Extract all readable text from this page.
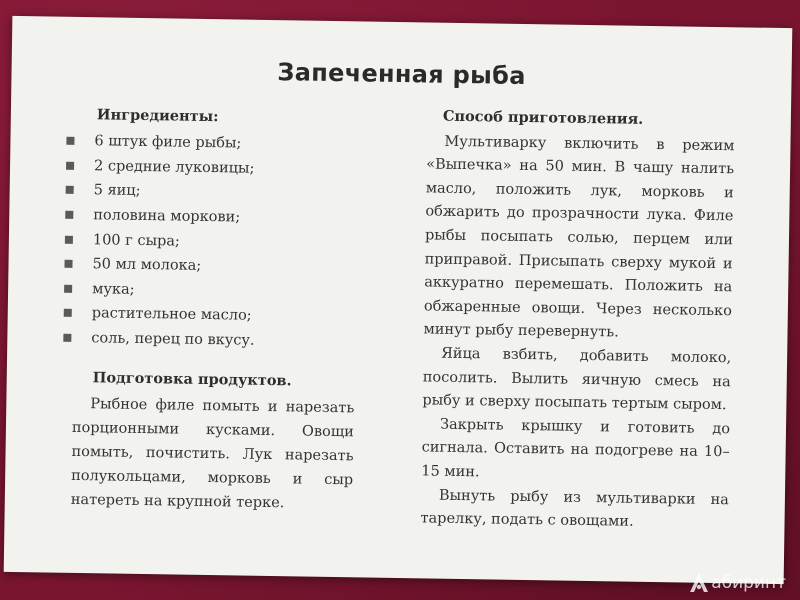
Запеченная рыба
Ингредиенты:
6 штук филе рыбы;
2 средние луковицы;
5 яиц;
половина моркови;
100 г сыра;
50 мл молока;
мука;
растительное масло;
соль, перец по вкусу.
Подготовка продуктов.

Рыбное филе помыть и нарезать порционными кусками. Овощи помыть, почистить. Лук нарезать полукольцами, морковь и сыр натереть на крупной терке.

Способ приготовления.

Мультиварку включить в режим «Выпечка» на 50 мин. В чашу налить масло, положить лук, морковь и обжарить до прозрачности лука. Филе рыбы посыпать солью, перцем или приправой. Присыпать сверху мукой и аккуратно перемешать. Положить на обжаренные овощи. Через несколько минут рыбу перевернуть.

Яйца взбить, добавить молоко, посолить. Вылить яичную смесь на рыбу и сверху посыпать тертым сыром.

Закрыть крышку и готовить до сигнала. Оставить на подогреве на 10–15 мин.

Вынуть рыбу из мультиварки на тарелку, подать с овощами.

абиринт
